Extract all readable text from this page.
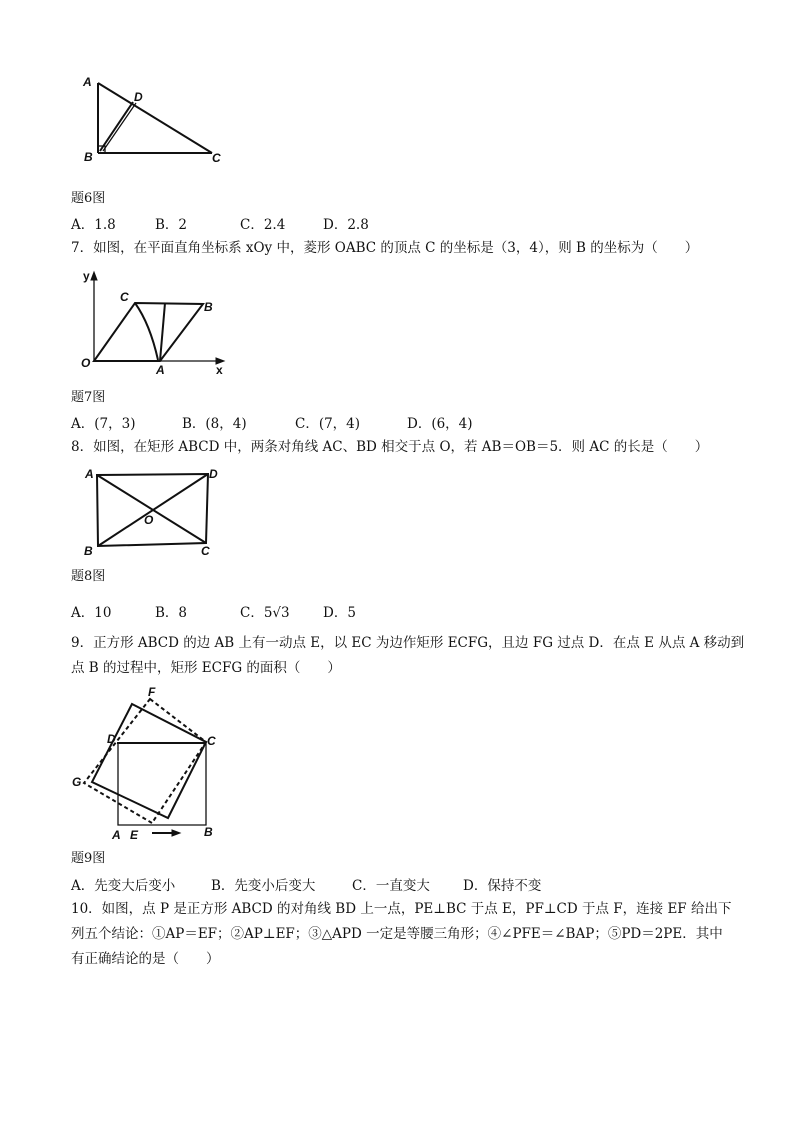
A
D
B	C
题6图
A．1.8	B．2	C．2.4	D．2.8
7．如图，在平面直角坐标系 xOy 中，菱形 OABC 的顶点 C 的坐标是（3，4），则 B 的坐标为（　　）
y
x
O	A
B
C
题7图
A．(7，3)	B．(8，4)	C．(7，4)	D．(6，4)
8．如图，在矩形 ABCD 中，两条对角线 AC、BD 相交于点 O，若 AB＝OB＝5．则 AC 的长是（　　）
A	D
B	C
O
题8图
A．10	B．8	C．5√3 D．5
9．正方形 ABCD 的边 AB 上有一动点 E，以 EC 为边作矩形 ECFG，且边 FG 过点 D．在点 E 从点 A 移动到
点 B 的过程中，矩形 ECFG 的面积（　　）
F
D	C
G
A E	B
题9图
A．先变大后变小	B．先变小后变大	C．一直变大 D．保持不变
10．如图，点 P 是正方形 ABCD 的对角线 BD 上一点，PE⊥BC 于点 E，PF⊥CD 于点 F，连接 EF 给出下
列五个结论：①AP＝EF；②AP⊥EF；③△APD 一定是等腰三角形；④∠PFE＝∠BAP；⑤PD＝2PE．其中
有正确结论的是（　　）
